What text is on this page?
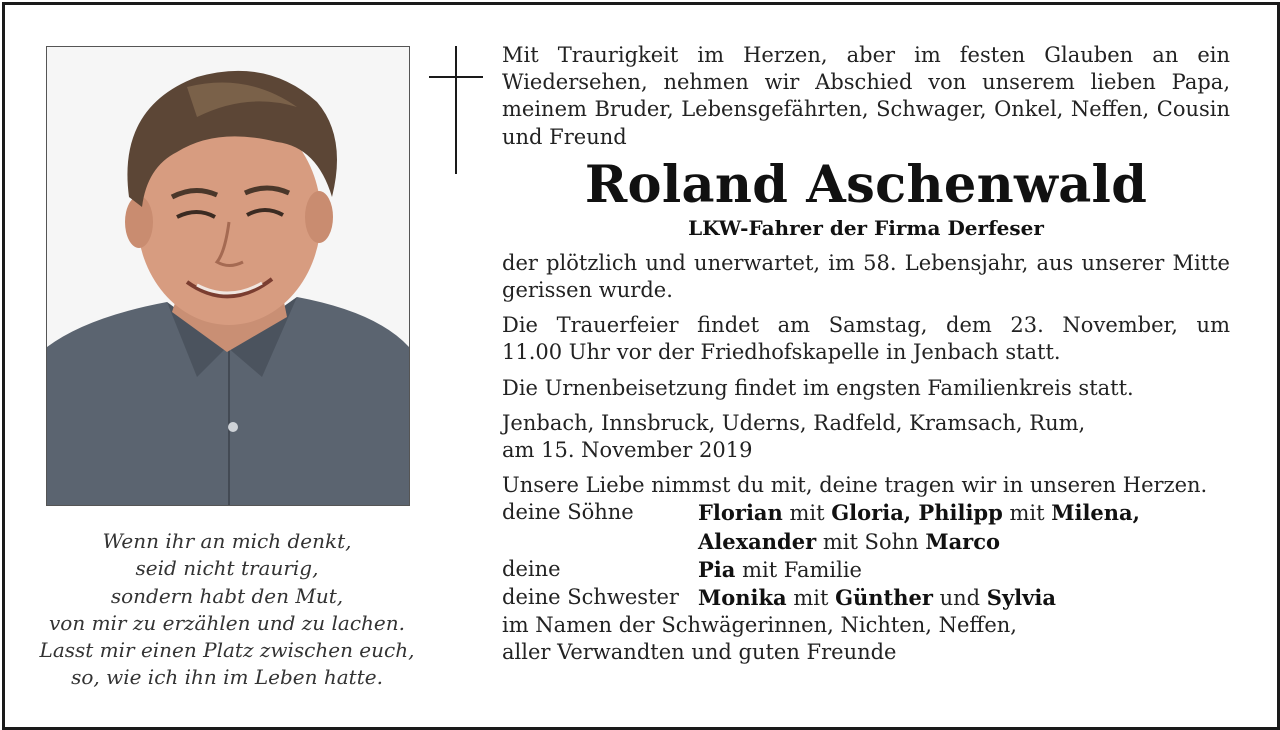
Wenn ihr an mich denkt,
seid nicht traurig,
sondern habt den Mut,
von mir zu erzählen und zu lachen.
Lasst mir einen Platz zwischen euch,
so, wie ich ihn im Leben hatte.
Mit Traurigkeit im Herzen, aber im festen Glauben an ein
Wiedersehen, nehmen wir Abschied von unserem lieben Papa,
meinem Bruder, Lebensgefährten, Schwager, Onkel, Neffen, Cousin
und Freund
Roland Aschenwald
LKW-Fahrer der Firma Derfeser
der plötzlich und unerwartet, im 58. Lebensjahr, aus unserer Mitte
gerissen wurde.
Die Trauerfeier findet am Samstag, dem 23. November, um
11.00 Uhr vor der Friedhofskapelle in Jenbach statt.
Die Urnenbeisetzung findet im engsten Familienkreis statt.
Jenbach, Innsbruck, Uderns, Radfeld, Kramsach, Rum,
am 15. November 2019
Unsere Liebe nimmst du mit, deine tragen wir in unseren Herzen.
deine Söhne	Florian mit Gloria, Philipp mit Milena,
Alexander mit Sohn Marco
deine	Pia mit Familie
deine Schwester Monika mit Günther und Sylvia
im Namen der Schwägerinnen, Nichten, Neffen,
aller Verwandten und guten Freunde
